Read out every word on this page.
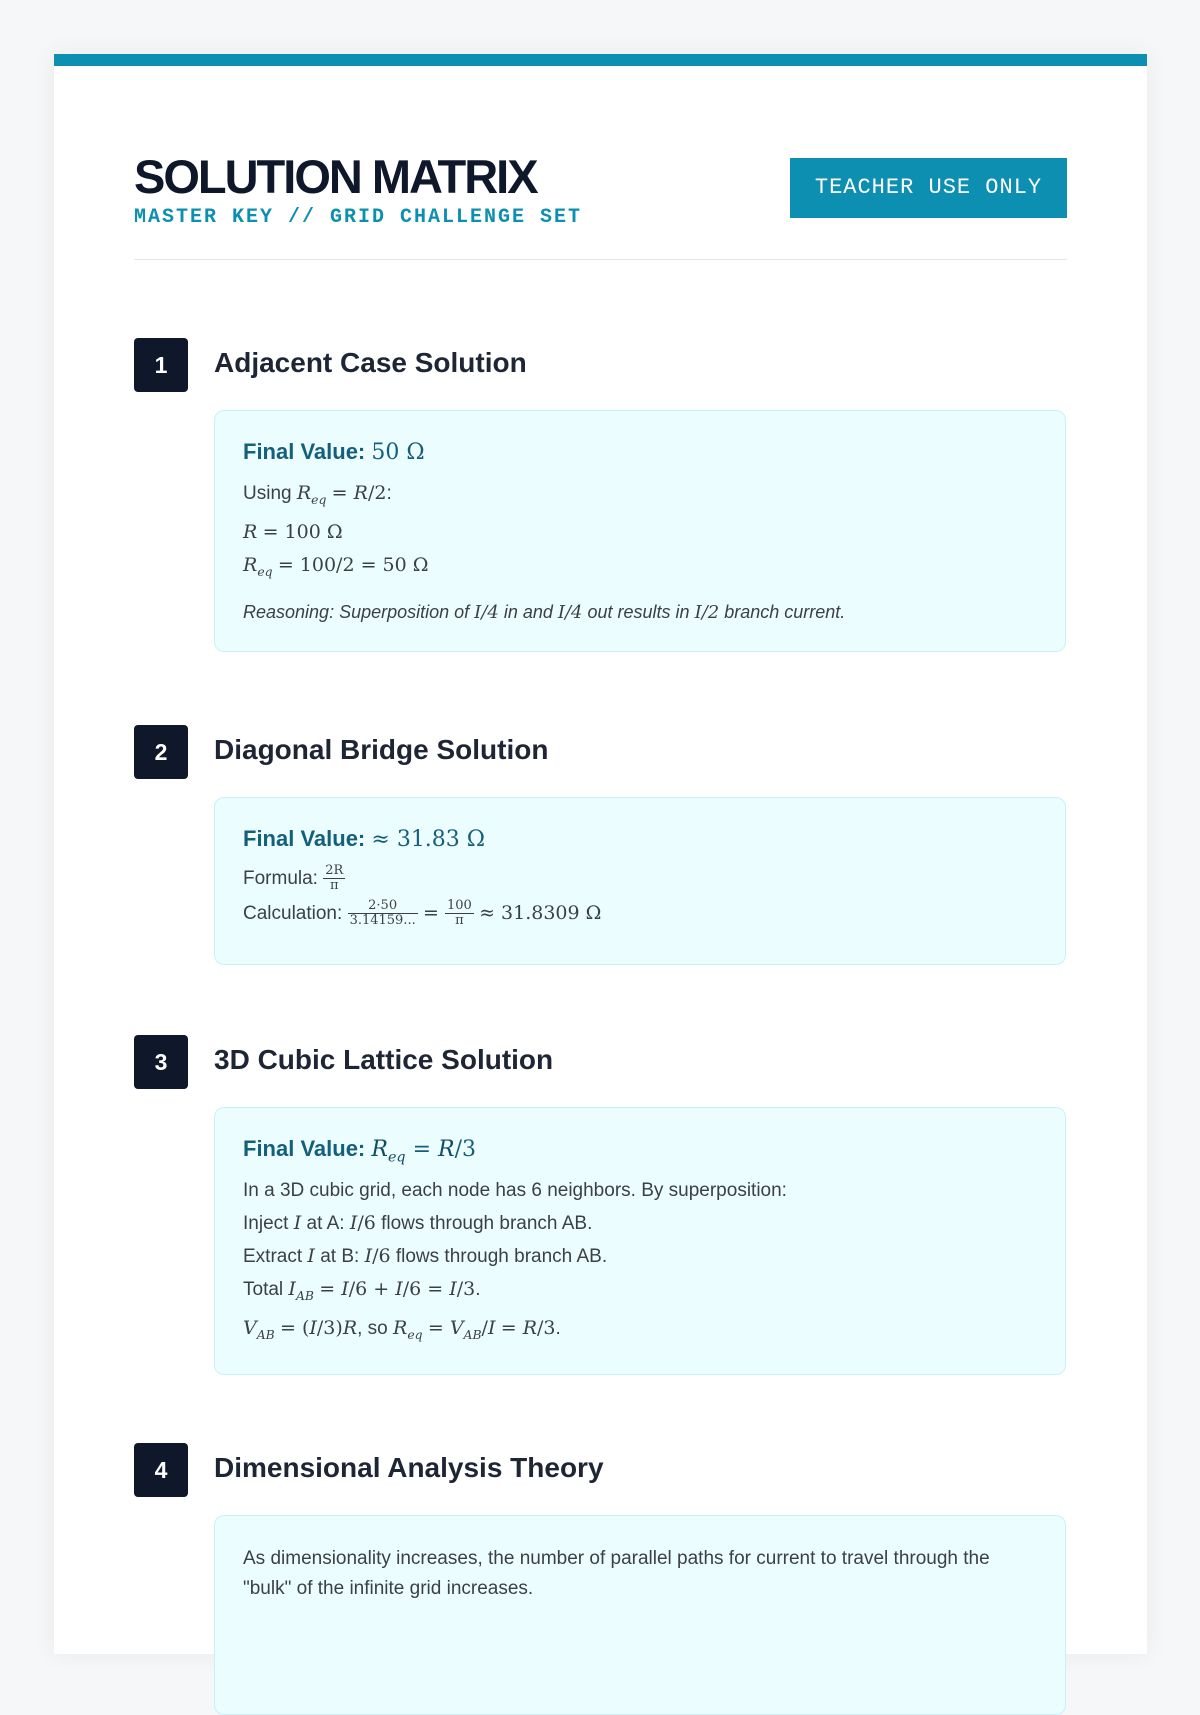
SOLUTION MATRIX
MASTER KEY // GRID CHALLENGE SET
TEACHER USE ONLY
1	Adjacent Case Solution
Final Value: 50 Ω
Using $R_{eq} = R/2$:
R = 100 Ω
$R_{eq} = 100/2 = 50$ Ω
Reasoning: Superposition of I/4 in and I/4 out results in I/2 branch current.
2	Diagonal Bridge Solution
Final Value: ≈ 31.83 Ω
Formula: $\frac{2R}{\pi}$
Calculation: $\frac{2\cdot 50}{3.14159...} = \frac{100}{\pi} \approx 31.8309$ Ω
3	3D Cubic Lattice Solution
Final Value: $R_{eq} = R/3$
In a 3D cubic grid, each node has 6 neighbors. By superposition:
Inject I at A: I/6 flows through branch AB.
Extract I at B: I/6 flows through branch AB.
Total $I_{AB} = I/6 + I/6 = I/3$.
$V_{AB} = (I/3)R$, so $R_{eq} = V_{AB}/I = R/3$.
4	Dimensional Analysis Theory
As dimensionality increases, the number of parallel paths for current to travel through the
"bulk" of the infinite grid increases.
